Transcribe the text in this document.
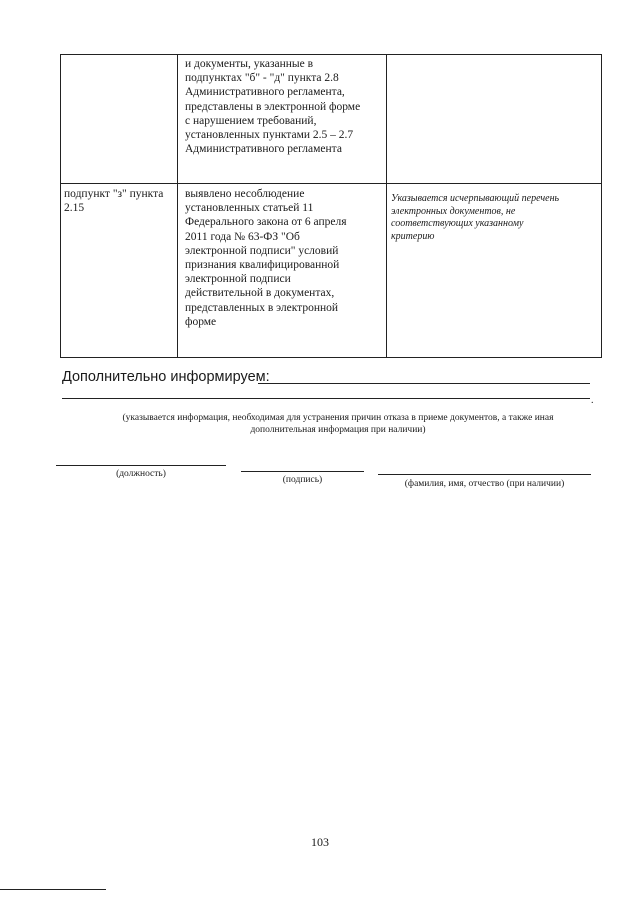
и документы, указанные в
подпунктах "б" - "д" пункта 2.8
Административного регламента,
представлены в электронной форме
с нарушением требований,
установленных пунктами 2.5 – 2.7
Административного регламента
подпункт "з" пункта
2.15
выявлено несоблюдение
установленных статьей 11
Федерального закона от 6 апреля
2011 года № 63-ФЗ "Об
электронной подписи" условий
признания квалифицированной
электронной подписи
действительной в документах,
представленных в электронной
форме
Указывается исчерпывающий перечень
электронных документов, не
соответствующих указанному
критерию
Дополнительно информируем:
.
(указывается информация, необходимая для устранения причин отказа в приеме документов, а также иная
дополнительная информация при наличии)
(должность)
(подпись)	(фамилия, имя, отчество (при наличии)
103
